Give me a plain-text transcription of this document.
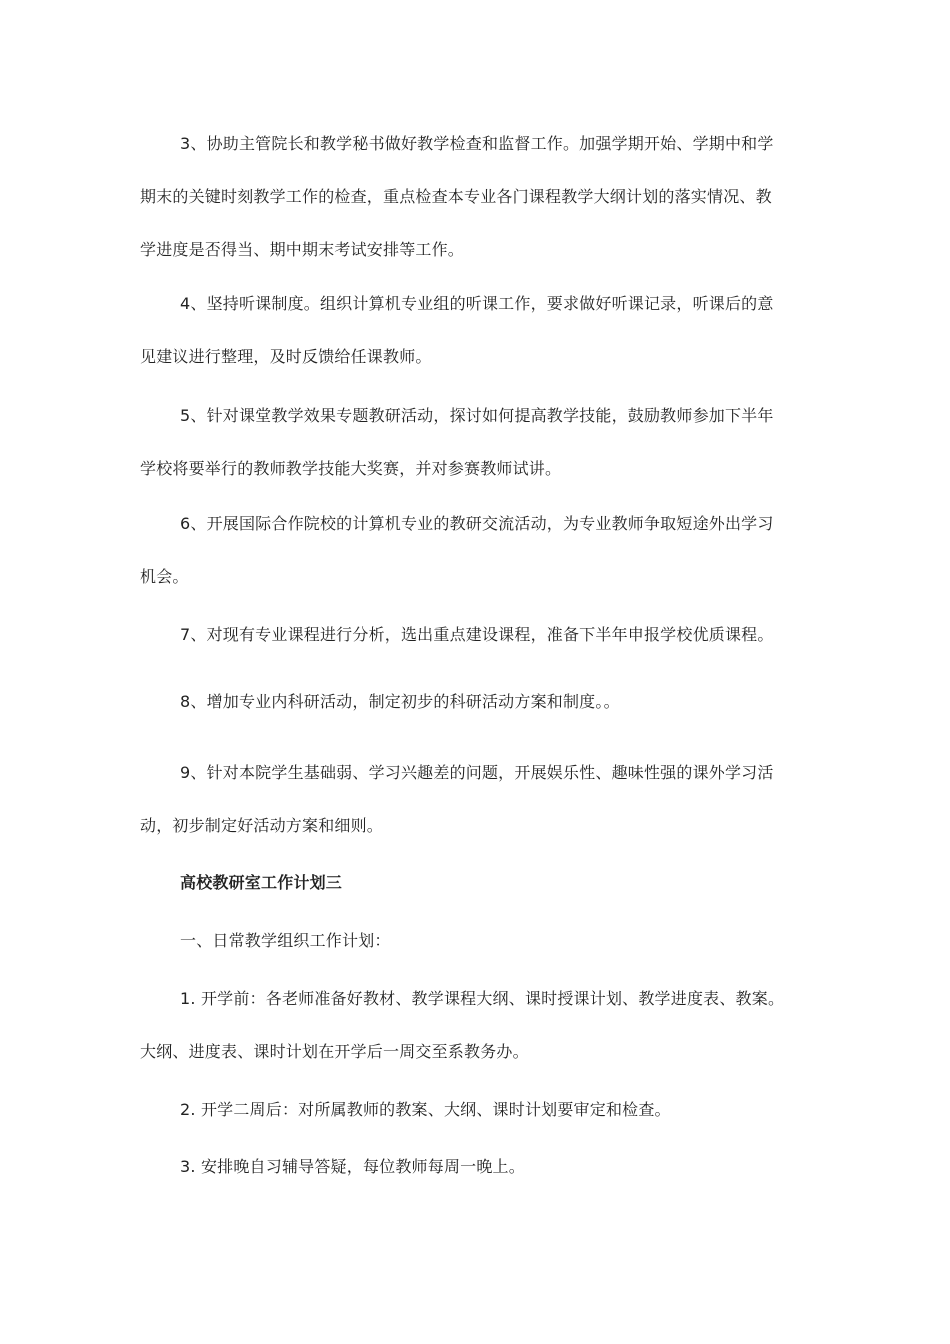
3、协助主管院长和教学秘书做好教学检查和监督工作。加强学期开始、学期中和学
期末的关键时刻教学工作的检查，重点检查本专业各门课程教学大纲计划的落实情况、教
学进度是否得当、期中期末考试安排等工作。

4、坚持听课制度。组织计算机专业组的听课工作，要求做好听课记录，听课后的意
见建议进行整理，及时反馈给任课教师。

5、针对课堂教学效果专题教研活动，探讨如何提高教学技能，鼓励教师参加下半年
学校将要举行的教师教学技能大奖赛，并对参赛教师试讲。

6、开展国际合作院校的计算机专业的教研交流活动，为专业教师争取短途外出学习
机会。

7、对现有专业课程进行分析，选出重点建设课程，准备下半年申报学校优质课程。

8、增加专业内科研活动，制定初步的科研活动方案和制度。。

9、针对本院学生基础弱、学习兴趣差的问题，开展娱乐性、趣味性强的课外学习活
动，初步制定好活动方案和细则。

高校教研室工作计划三

一、日常教学组织工作计划：

1. 开学前：各老师准备好教材、教学课程大纲、课时授课计划、教学进度表、教案。
大纲、进度表、课时计划在开学后一周交至系教务办。

2. 开学二周后：对所属教师的教案、大纲、课时计划要审定和检查。

3. 安排晚自习辅导答疑，每位教师每周一晚上。
